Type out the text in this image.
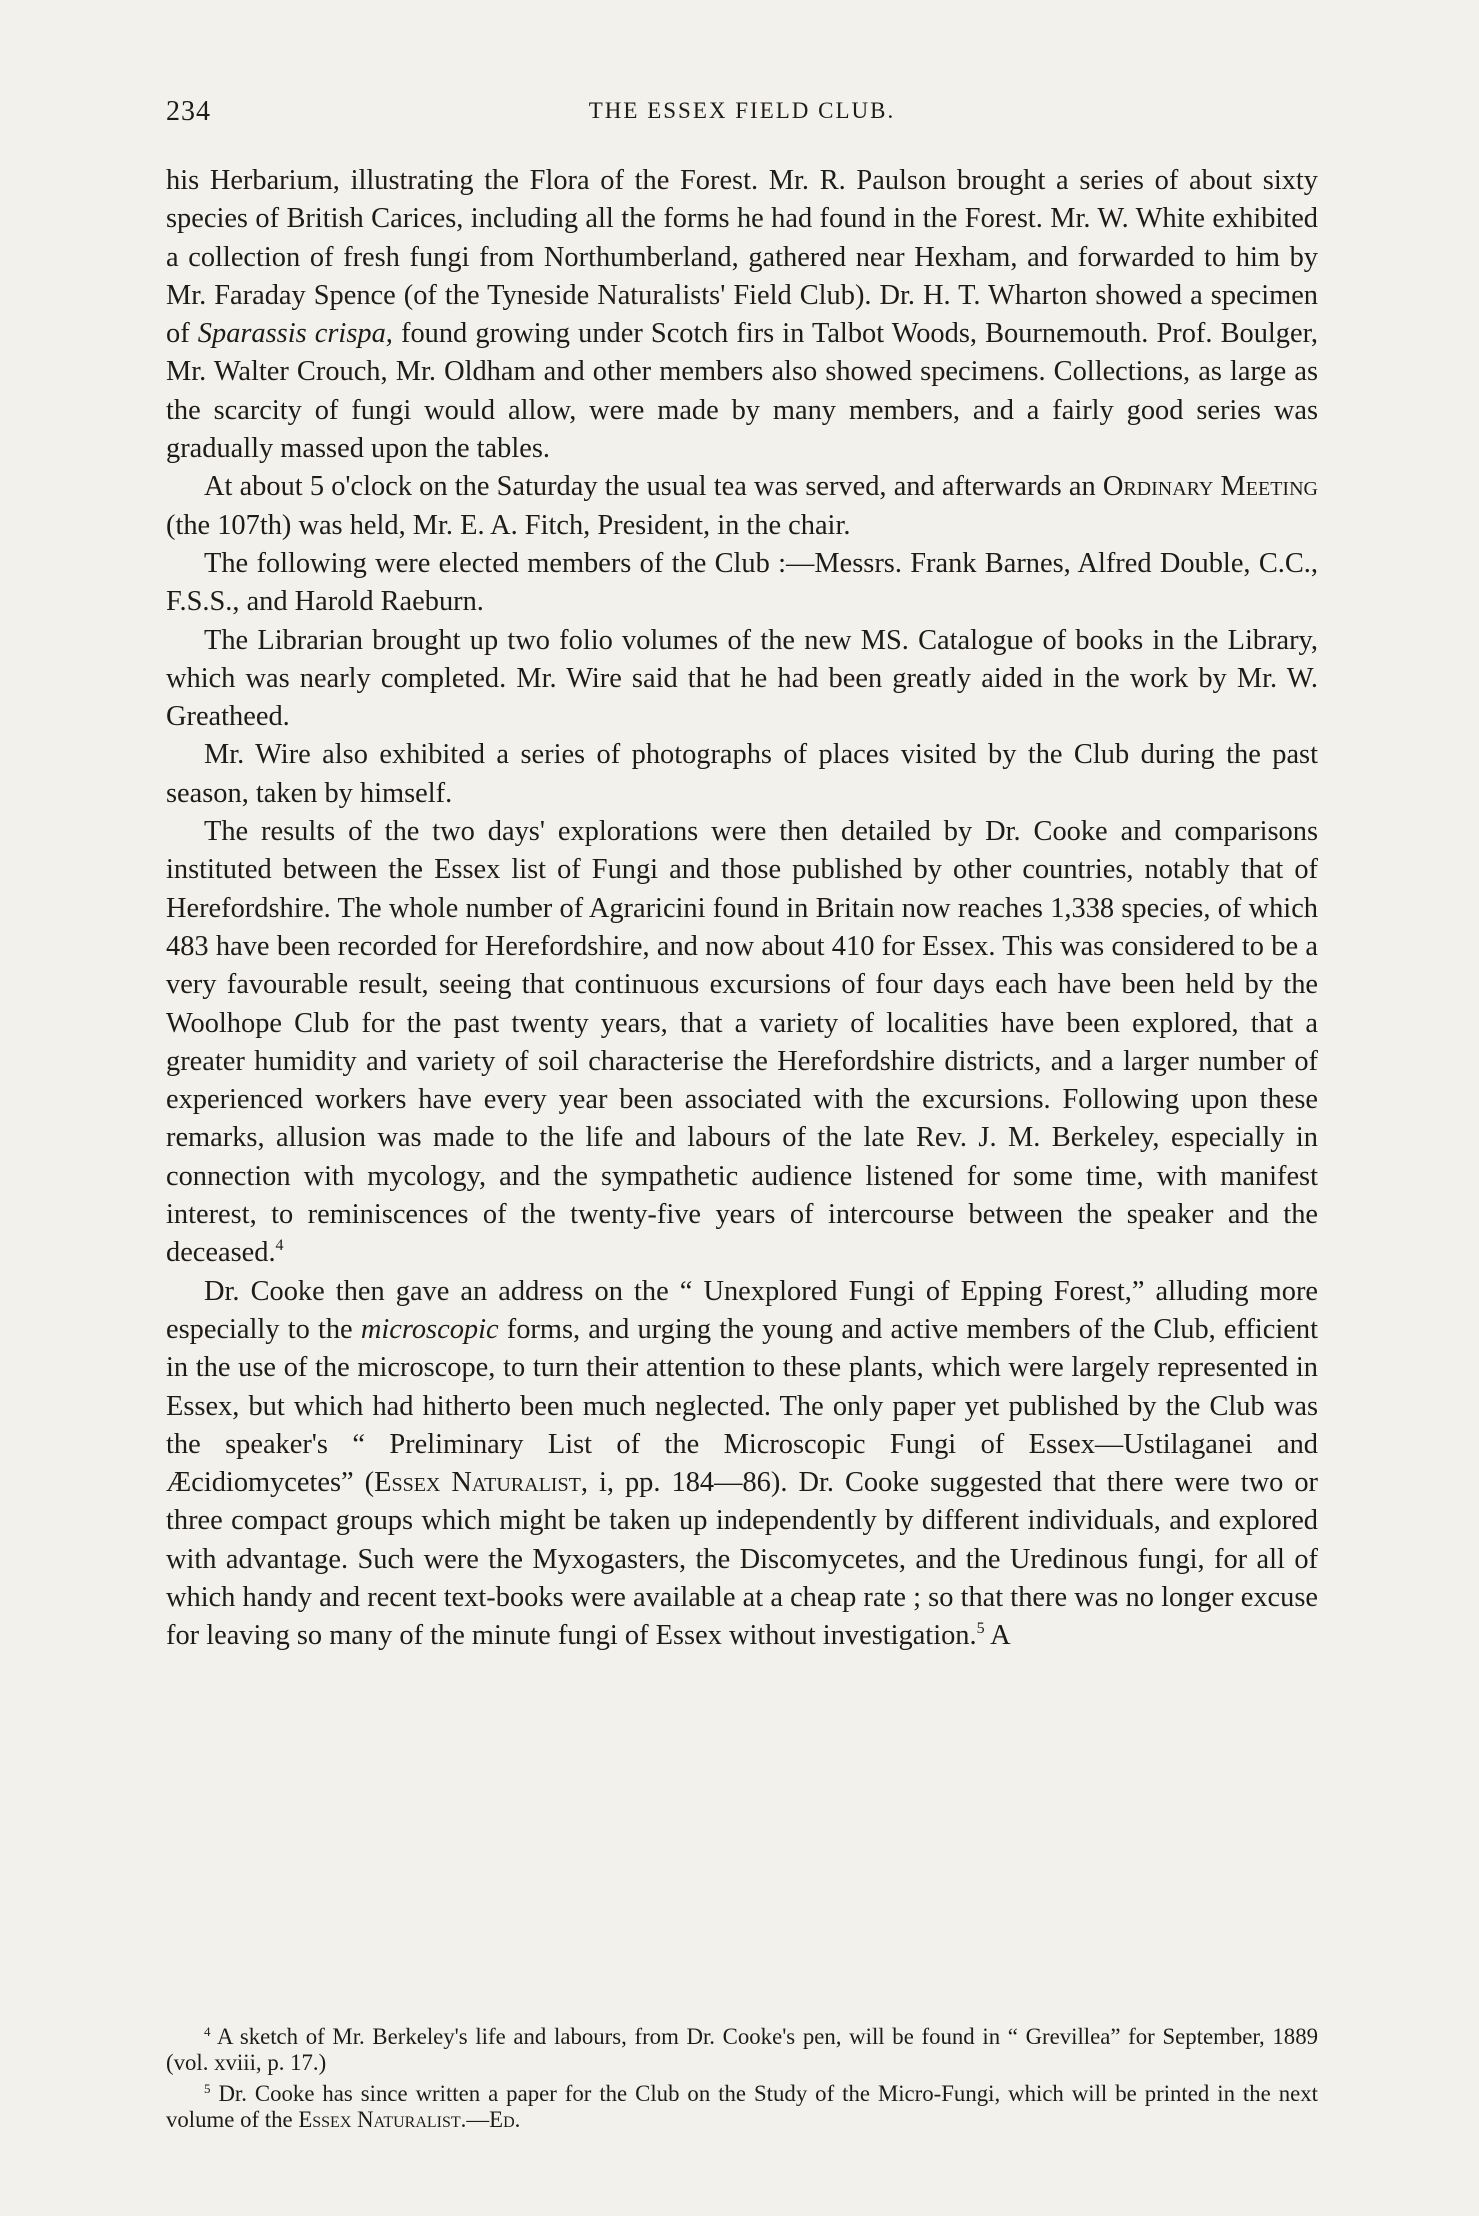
234	THE ESSEX FIELD CLUB.

his Herbarium, illustrating the Flora of the Forest. Mr. R. Paulson brought a series of about sixty species of British Carices, including all the forms he had found in the Forest. Mr. W. White exhibited a collection of fresh fungi from Northumberland, gathered near Hexham, and forwarded to him by Mr. Faraday Spence (of the Tyneside Naturalists' Field Club). Dr. H. T. Wharton showed a specimen of Sparassis crispa, found growing under Scotch firs in Talbot Woods, Bournemouth. Prof. Boulger, Mr. Walter Crouch, Mr. Oldham and other members also showed specimens. Collections, as large as the scarcity of fungi would allow, were made by many members, and a fairly good series was gradually massed upon the tables.

At about 5 o'clock on the Saturday the usual tea was served, and afterwards an Ordinary Meeting (the 107th) was held, Mr. E. A. Fitch, President, in the chair.

The following were elected members of the Club :—Messrs. Frank Barnes, Alfred Double, C.C., F.S.S., and Harold Raeburn.

The Librarian brought up two folio volumes of the new MS. Catalogue of books in the Library, which was nearly completed. Mr. Wire said that he had been greatly aided in the work by Mr. W. Greatheed.

Mr. Wire also exhibited a series of photographs of places visited by the Club during the past season, taken by himself.

The results of the two days' explorations were then detailed by Dr. Cooke and comparisons instituted between the Essex list of Fungi and those published by other countries, notably that of Herefordshire. The whole number of Agraricini found in Britain now reaches 1,338 species, of which 483 have been recorded for Herefordshire, and now about 410 for Essex. This was considered to be a very favourable result, seeing that continuous excursions of four days each have been held by the Woolhope Club for the past twenty years, that a variety of localities have been explored, that a greater humidity and variety of soil characterise the Herefordshire districts, and a larger number of experienced workers have every year been associated with the excursions. Following upon these remarks, allusion was made to the life and labours of the late Rev. J. M. Berkeley, especially in connection with mycology, and the sympathetic audience listened for some time, with manifest interest, to reminiscences of the twenty-five years of intercourse between the speaker and the deceased.$^4$

Dr. Cooke then gave an address on the “ Unexplored Fungi of Epping Forest,” alluding more especially to the microscopic forms, and urging the young and active members of the Club, efficient in the use of the microscope, to turn their attention to these plants, which were largely represented in Essex, but which had hitherto been much neglected. The only paper yet published by the Club was the speaker's “ Preliminary List of the Microscopic Fungi of Essex—Ustilaganei and Æcidiomycetes” (Essex Naturalist, i, pp. 184—86). Dr. Cooke suggested that there were two or three compact groups which might be taken up independently by different individuals, and explored with advantage. Such were the Myxogasters, the Discomycetes, and the Uredinous fungi, for all of which handy and recent text-books were available at a cheap rate ; so that there was no longer excuse for leaving so many of the minute fungi of Essex without investigation.$^5$ A

$^4$ A sketch of Mr. Berkeley's life and labours, from Dr. Cooke's pen, will be found in “ Grevillea” for September, 1889 (vol. xviii, p. 17.)

$^5$ Dr. Cooke has since written a paper for the Club on the Study of the Micro-Fungi, which will be printed in the next volume of the Essex Naturalist.—Ed.
